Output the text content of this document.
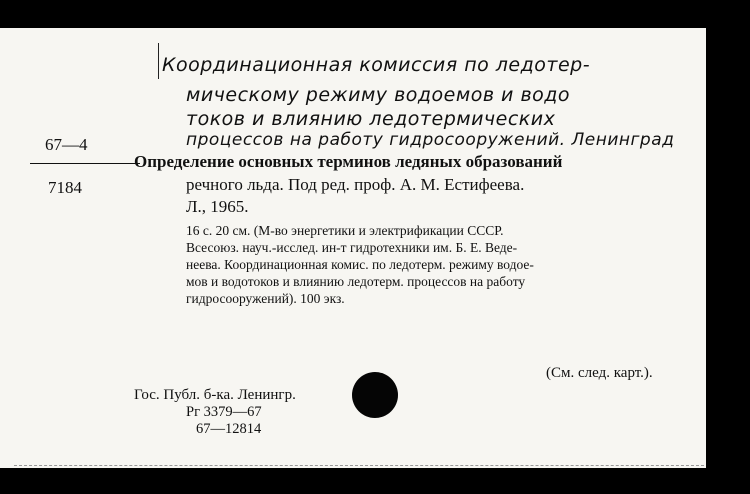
Координационная комиссия по ледотер-
мическому режиму водоемов и водо
токов и влиянию ледотермических
процессов на работу гидросооружений. Ленинград
67—4
7184
Определение основных терминов ледяных образований
речного льда. Под ред. проф. А. М. Естифеева.
Л., 1965.
16 с. 20 см. (М-во энергетики и электрификации СССР.
Всесоюз. науч.-исслед. ин-т гидротехники им. Б. Е. Веде-
неева. Координационная комис. по ледотерм. режиму водое-
мов и водотоков и влиянию ледотерм. процессов на работу
гидросооружений). 100 экз.
(См. след. карт.).
Гос. Публ. б-ка. Ленингр.
Рг 3379—67
67—12814
